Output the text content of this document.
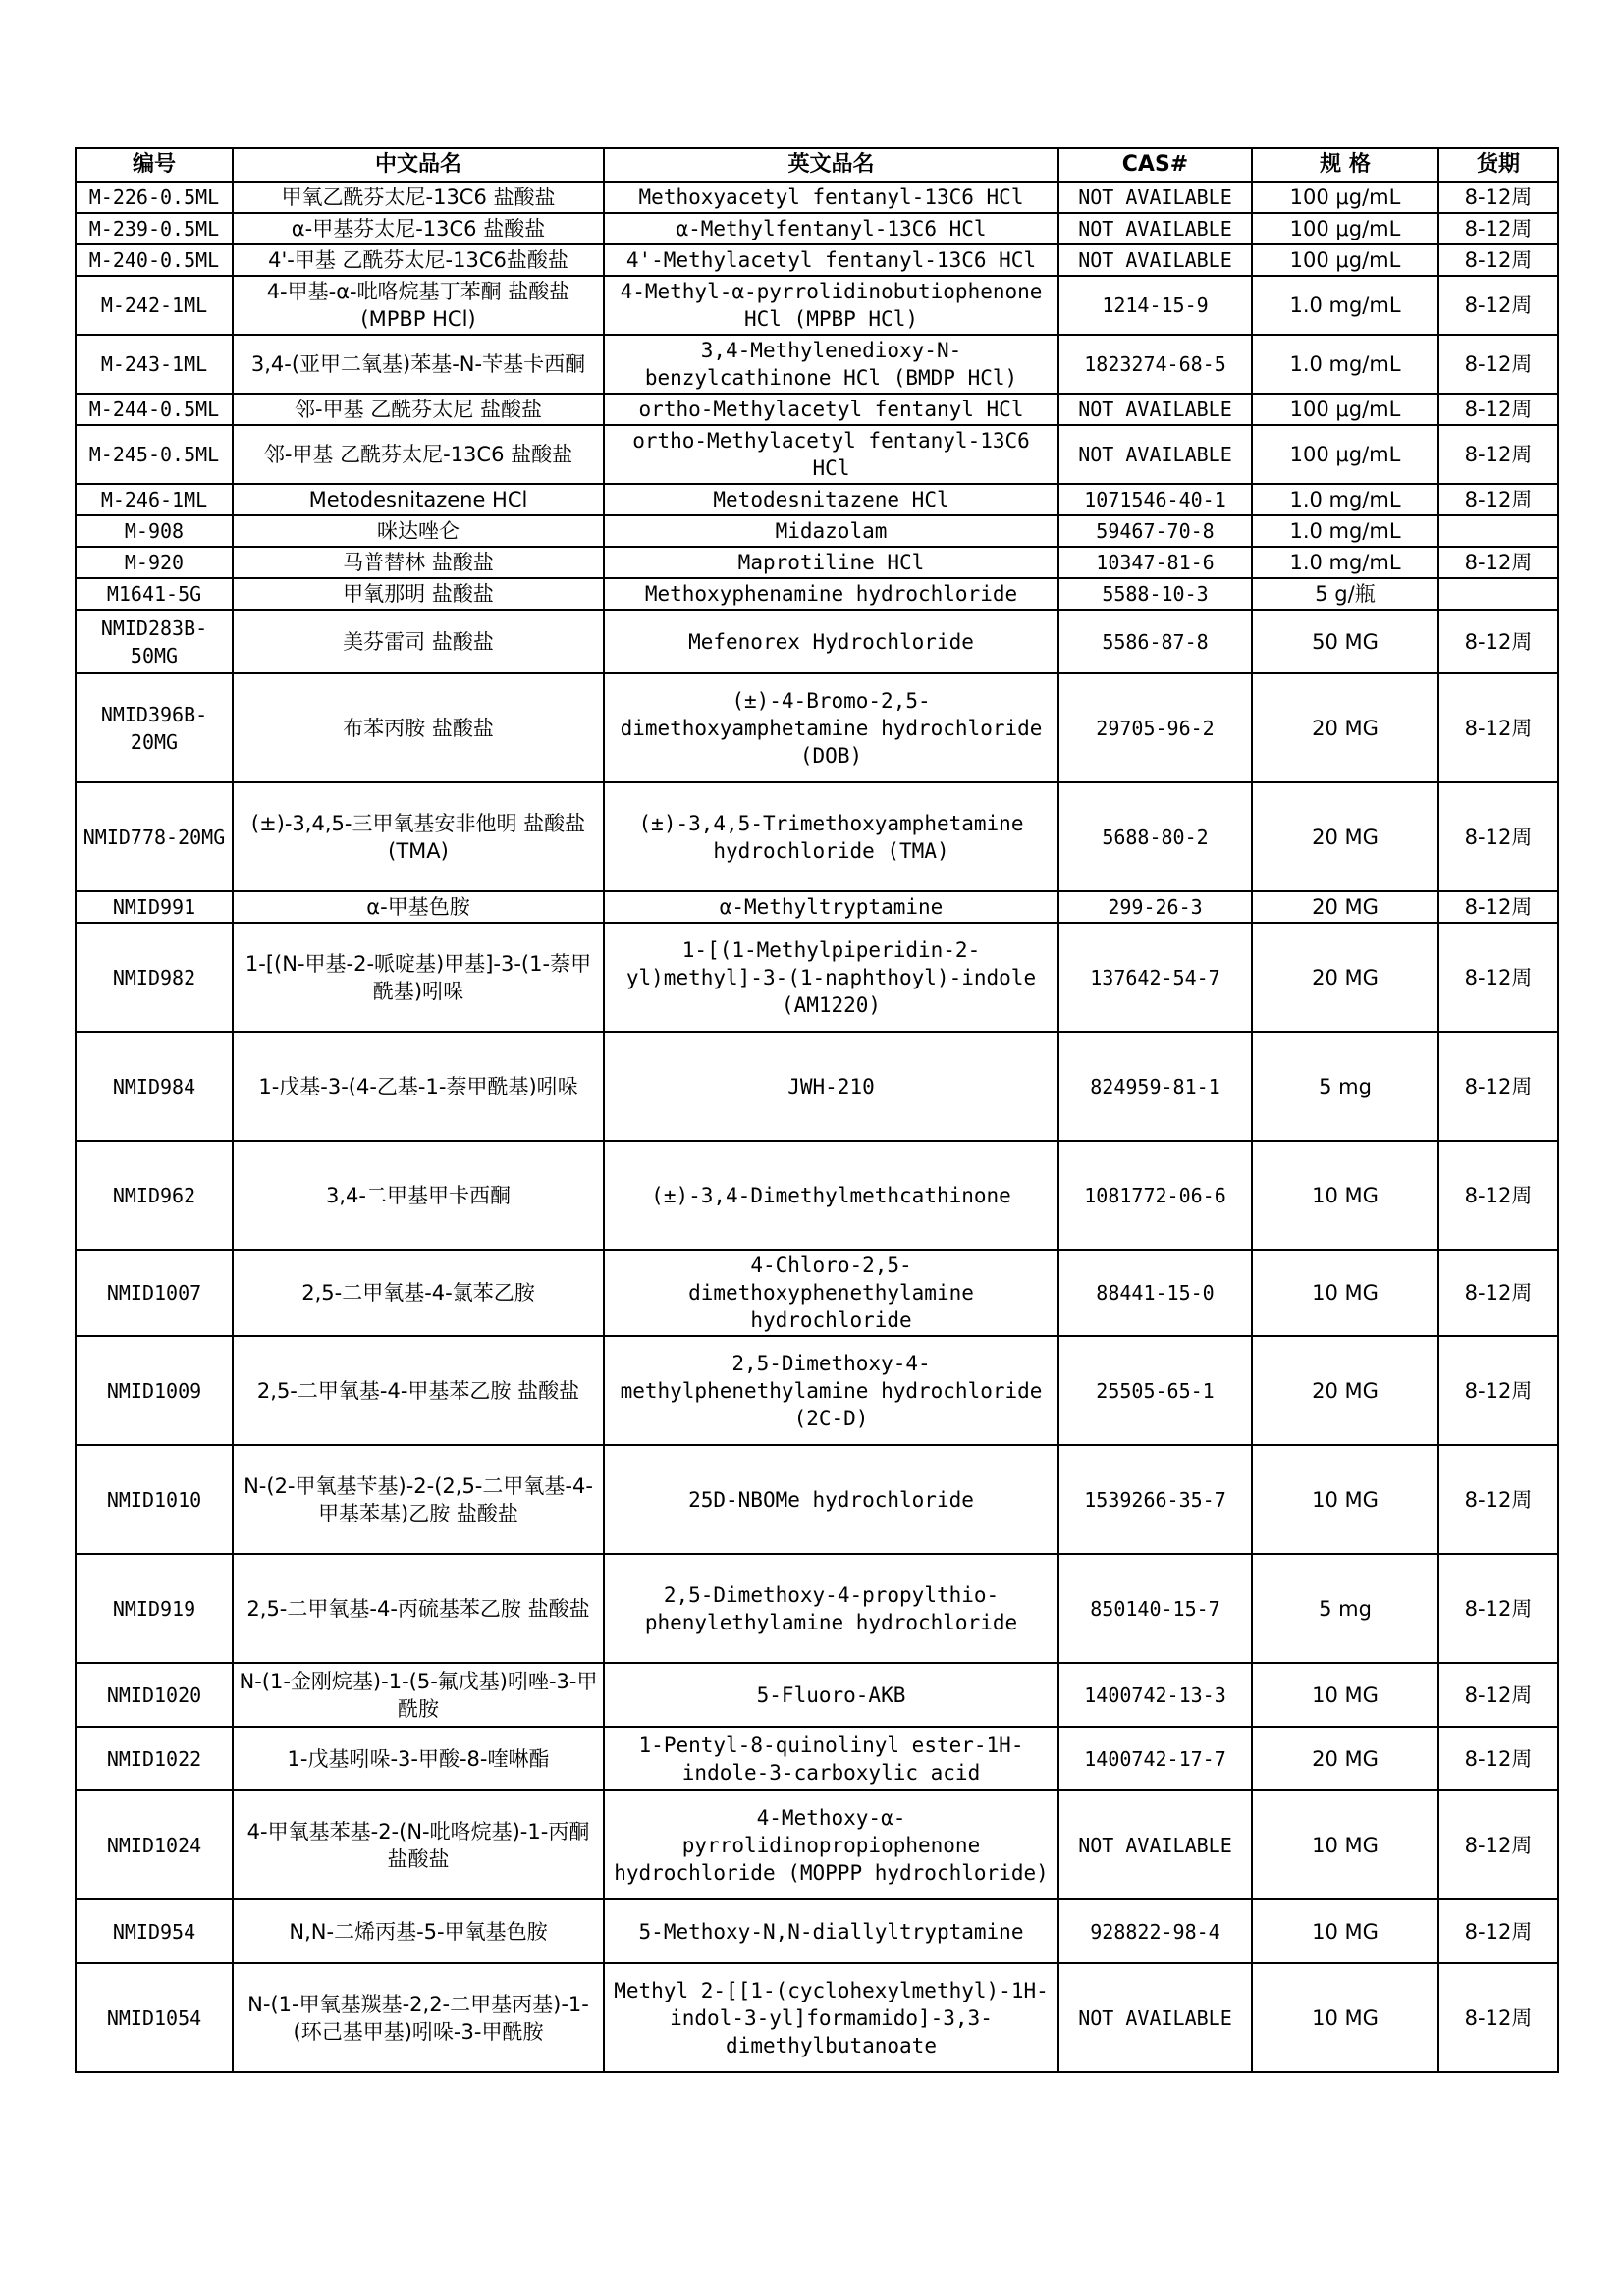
编号	中文品名	英文品名	CAS#	规 格	货期
M-226-0.5ML	甲氧乙酰芬太尼-13C6 盐酸盐	Methoxyacetyl fentanyl-13C6 HCl	NOT AVAILABLE	100 μg/mL	8-12周
M-239-0.5ML	α-甲基芬太尼-13C6 盐酸盐	α-Methylfentanyl-13C6 HCl	NOT AVAILABLE	100 μg/mL	8-12周
M-240-0.5ML	4'-甲基 乙酰芬太尼-13C6盐酸盐	4'-Methylacetyl fentanyl-13C6 HCl	NOT AVAILABLE	100 μg/mL	8-12周
M-242-1ML	4-甲基-α-吡咯烷基丁苯酮 盐酸盐(MPBP HCl)	4-Methyl-α-pyrrolidinobutiophenone HCl (MPBP HCl)	1214-15-9	1.0 mg/mL	8-12周
M-243-1ML	3,4-(亚甲二氧基)苯基-N-苄基卡西酮	3,4-Methylenedioxy-N-benzylcathinone HCl (BMDP HCl)	1823274-68-5	1.0 mg/mL	8-12周
M-244-0.5ML	邻-甲基 乙酰芬太尼 盐酸盐	ortho-Methylacetyl fentanyl HCl	NOT AVAILABLE	100 μg/mL	8-12周
M-245-0.5ML	邻-甲基 乙酰芬太尼-13C6 盐酸盐	ortho-Methylacetyl fentanyl-13C6 HCl	NOT AVAILABLE	100 μg/mL	8-12周
M-246-1ML	Metodesnitazene HCl	Metodesnitazene HCl	1071546-40-1	1.0 mg/mL	8-12周
M-908	咪达唑仑	Midazolam	59467-70-8	1.0 mg/mL	
M-920	马普替林 盐酸盐	Maprotiline HCl	10347-81-6	1.0 mg/mL	8-12周
M1641-5G	甲氧那明 盐酸盐	Methoxyphenamine hydrochloride	5588-10-3	5 g/瓶	
NMID283B-50MG	美芬雷司 盐酸盐	Mefenorex Hydrochloride	5586-87-8	50 MG	8-12周
NMID396B-20MG	布苯丙胺 盐酸盐	(±)-4-Bromo-2,5-dimethoxyamphetamine hydrochloride (DOB)	29705-96-2	20 MG	8-12周
NMID778-20MG	(±)-3,4,5-三甲氧基安非他明 盐酸盐 (TMA)	(±)-3,4,5-Trimethoxyamphetamine hydrochloride (TMA)	5688-80-2	20 MG	8-12周
NMID991	α-甲基色胺	α-Methyltryptamine	299-26-3	20 MG	8-12周
NMID982	1-[(N-甲基-2-哌啶基)甲基]-3-(1-萘甲酰基)吲哚	1-[(1-Methylpiperidin-2-yl)methyl]-3-(1-naphthoyl)-indole (AM1220)	137642-54-7	20 MG	8-12周
NMID984	1-戊基-3-(4-乙基-1-萘甲酰基)吲哚	JWH-210	824959-81-1	5 mg	8-12周
NMID962	3,4-二甲基甲卡西酮	(±)-3,4-Dimethylmethcathinone	1081772-06-6	10 MG	8-12周
NMID1007	2,5-二甲氧基-4-氯苯乙胺	4-Chloro-2,5-dimethoxyphenethylamine hydrochloride	88441-15-0	10 MG	8-12周
NMID1009	2,5-二甲氧基-4-甲基苯乙胺 盐酸盐	2,5-Dimethoxy-4-methylphenethylamine hydrochloride (2C-D)	25505-65-1	20 MG	8-12周
NMID1010	N-(2-甲氧基苄基)-2-(2,5-二甲氧基-4-甲基苯基)乙胺 盐酸盐	25D-NBOMe hydrochloride	1539266-35-7	10 MG	8-12周
NMID919	2,5-二甲氧基-4-丙硫基苯乙胺 盐酸盐	2,5-Dimethoxy-4-propylthio-phenylethylamine hydrochloride	850140-15-7	5 mg	8-12周
NMID1020	N-(1-金刚烷基)-1-(5-氟戊基)吲唑-3-甲酰胺	5-Fluoro-AKB	1400742-13-3	10 MG	8-12周
NMID1022	1-戊基吲哚-3-甲酸-8-喹啉酯	1-Pentyl-8-quinolinyl ester-1H-indole-3-carboxylic acid	1400742-17-7	20 MG	8-12周
NMID1024	4-甲氧基苯基-2-(N-吡咯烷基)-1-丙酮 盐酸盐	4-Methoxy-α-pyrrolidinopropiophenone hydrochloride (MOPPP hydrochloride)	NOT AVAILABLE	10 MG	8-12周
NMID954	N,N-二烯丙基-5-甲氧基色胺	5-Methoxy-N,N-diallyltryptamine	928822-98-4	10 MG	8-12周
NMID1054	N-(1-甲氧基羰基-2,2-二甲基丙基)-1-(环己基甲基)吲哚-3-甲酰胺	Methyl 2-[[1-(cyclohexylmethyl)-1H-indol-3-yl]formamido]-3,3-dimethylbutanoate	NOT AVAILABLE	10 MG	8-12周
